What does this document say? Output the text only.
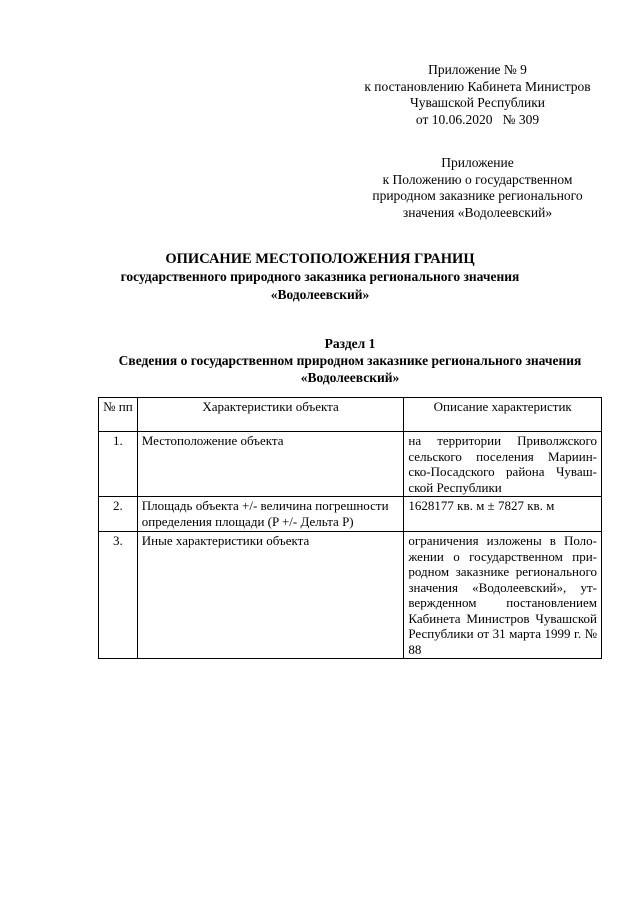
Приложение № 9
к постановлению Кабинета Министров
Чувашской Республики
от 10.06.2020   № 309
Приложение
к Положению о государственном
природном заказнике регионального
значения «Водолеевский»
ОПИСАНИЕ МЕСТОПОЛОЖЕНИЯ ГРАНИЦ
государственного природного заказника регионального значения
«Водолеевский»
Раздел 1
Сведения о государственном природном заказнике регионального значения
«Водолеевский»
№ пп	Характеристики объекта	Описание характеристик
1.	Местоположение объекта	на территории Приволжского сельского поселения Мариин-ско-Посадского района Чуваш-ской Республики
2.	Площадь объекта +/- величина погрешности определения площади (P +/- Дельта P)	1628177 кв. м ± 7827 кв. м
3.	Иные характеристики объекта	ограничения изложены в Поло-жении о государственном при-родном заказнике регионального значения «Водолеевский», ут-вержденном постановлением Кабинета Министров Чувашской Республики от 31 марта 1999 г. № 88
